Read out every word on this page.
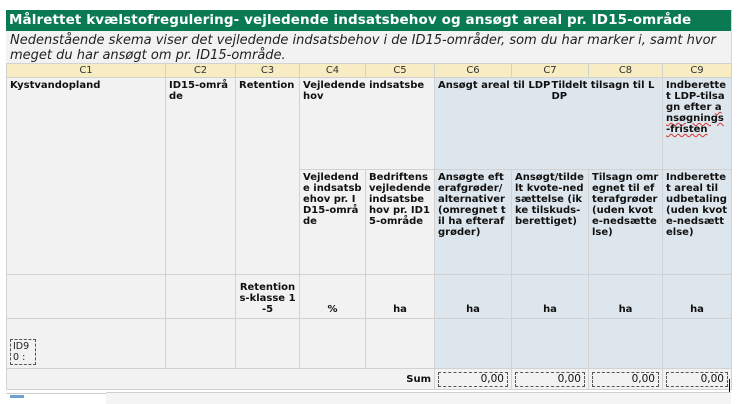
Målrettet kvælstofregulering- vejledende indsatsbehov og ansøgt areal pr. ID15-område
Nedenstående skema viser det vejledende indsatsbehov i de ID15-områder, som du har marker i, samt hvor meget du har ansøgt om pr. ID15-område.
C1	C2	C3	C4	C5	C6	C7	C8	C9
Kystvandopland	ID15-område	Retention	Vejledende indsatsbehov		Ansøgt areal til LDP	Tildelt tilsagn til LDP		Indberettet LDP-tilsagn efter ansøgnings-fristen
			Vejledende indsatsbehov pr. ID15-område	Bedriftens vejledende indsatsbehov pr. ID15-område	Ansøgte efterafgrøder/ alternativer (omregnet til ha efterafgrøder)	Ansøgt/tildelt kvote-nedsættelse (ikke tilskuds-berettiget)	Tilsagn omregnet til efterafgrøder (uden kvote-nedsættelse)	Indberettet areal til udbetaling (uden kvote-nedsættelse)
		Retentions-klasse 1-5	%	ha	ha	ha	ha	ha
ID90 :								
Sum					0,00	0,00	0,00	0,00
